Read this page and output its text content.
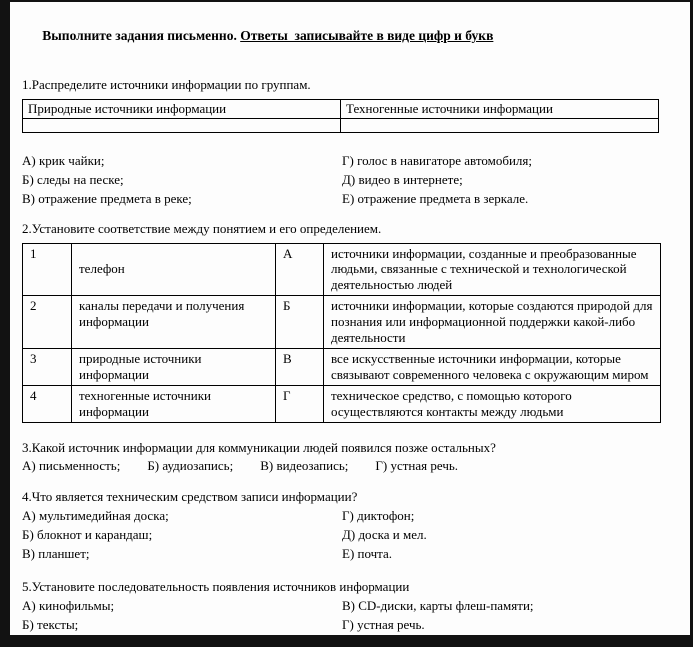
Выполните задания письменно. Ответы  записывайте в виде цифр и букв

1.Распределите источники информации по группам.
Природные источники информации	Техногенные источники информации

А) крик чайки;
Б) следы на песке;
В) отражение предмета в реке;
Г) голос в навигаторе автомобиля;
Д) видео в интернете;
Е) отражение предмета в зеркале.
2.Установите соответствие между понятием и его определением.
1	телефон	А	источники информации, созданные и преобразованные людьми, связанные с технической и технологической деятельностью людей
2	каналы передачи и получения информации	Б	источники информации, которые создаются природой для познания или информационной поддержки какой-либо деятельности
3	природные источники информации	В	все искусственные источники информации, которые связывают современного человека с окружающим миром
4	техногенные источники информации	Г	техническое средство, с помощью которого осуществляются контакты между людьми
3.Какой источник информации для коммуникации людей появился позже остальных?
А) письменность; Б) аудиозапись; В) видеозапись; Г) устная речь.
4.Что является техническим средством записи информации?
А) мультимедийная доска;
Б) блокнот и карандаш;
В) планшет;
Г) диктофон;
Д) доска и мел.
Е) почта.
5.Установите последовательность появления источников информации
А) кинофильмы;
Б) тексты;
В) CD-диски, карты флеш-памяти;
Г) устная речь.
